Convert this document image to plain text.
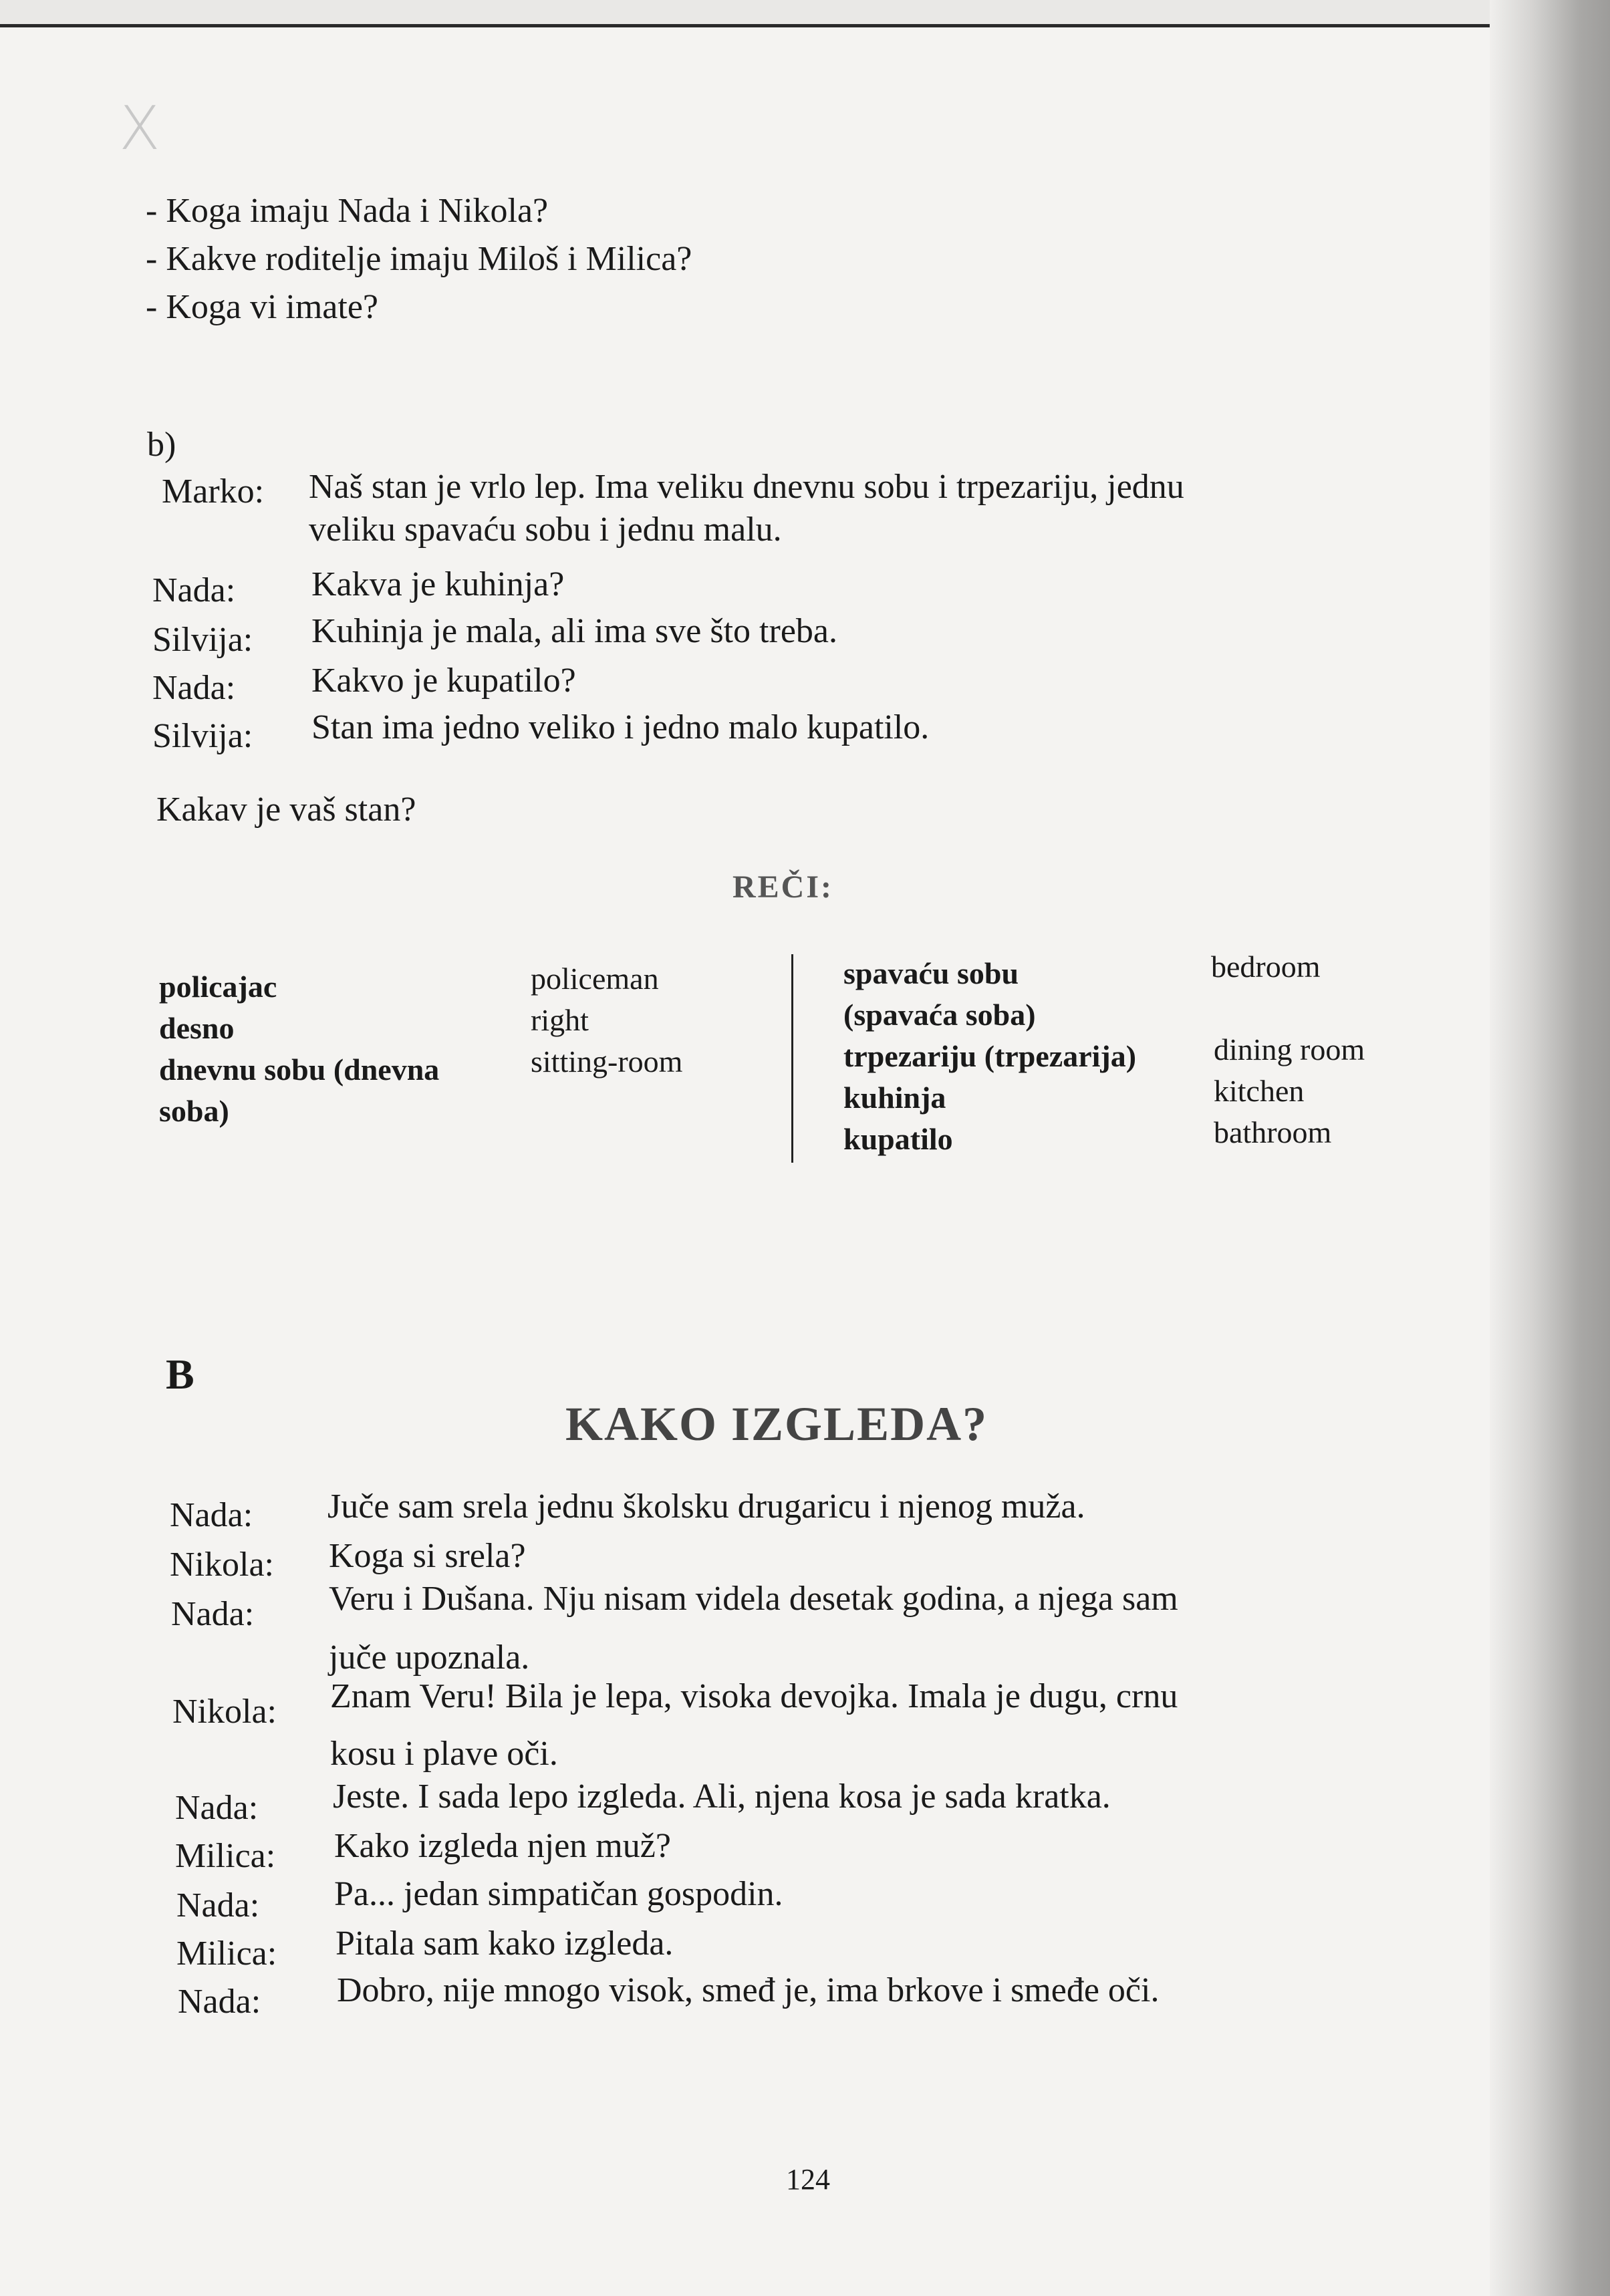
X
- Koga imaju Nada i Nikola?
- Kakve roditelje imaju Miloš i Milica?
- Koga vi imate?
b)
Marko: Naš stan je vrlo lep. Ima veliku dnevnu sobu i trpezariju, jednu
veliku spavaću sobu i jednu malu.
Nada: Kakva je kuhinja?
Silvija: Kuhinja je mala, ali ima sve što treba.
Nada: Kakvo je kupatilo?
Silvija: Stan ima jedno veliko i jedno malo kupatilo.
Kakav je vaš stan?
REČI:
policajac
desno
dnevnu sobu (dnevna
soba)
policeman
right
sitting-room
spavaću sobu
(spavaća soba)
trpezariju (trpezarija)
kuhinja
kupatilo
bedroom
dining room
kitchen
bathroom
B
KAKO IZGLEDA?
Nada: Juče sam srela jednu školsku drugaricu i njenog muža.
Nikola: Koga si srela?
Nada: Veru i Dušana. Nju nisam videla desetak godina, a njega sam
juče upoznala.
Nikola: Znam Veru! Bila je lepa, visoka devojka. Imala je dugu, crnu
kosu i plave oči.
Nada: Jeste. I sada lepo izgleda. Ali, njena kosa je sada kratka.
Milica: Kako izgleda njen muž?
Nada: Pa... jedan simpatičan gospodin.
Milica: Pitala sam kako izgleda.
Nada: Dobro, nije mnogo visok, smeđ je, ima brkove i smeđe oči.
124
